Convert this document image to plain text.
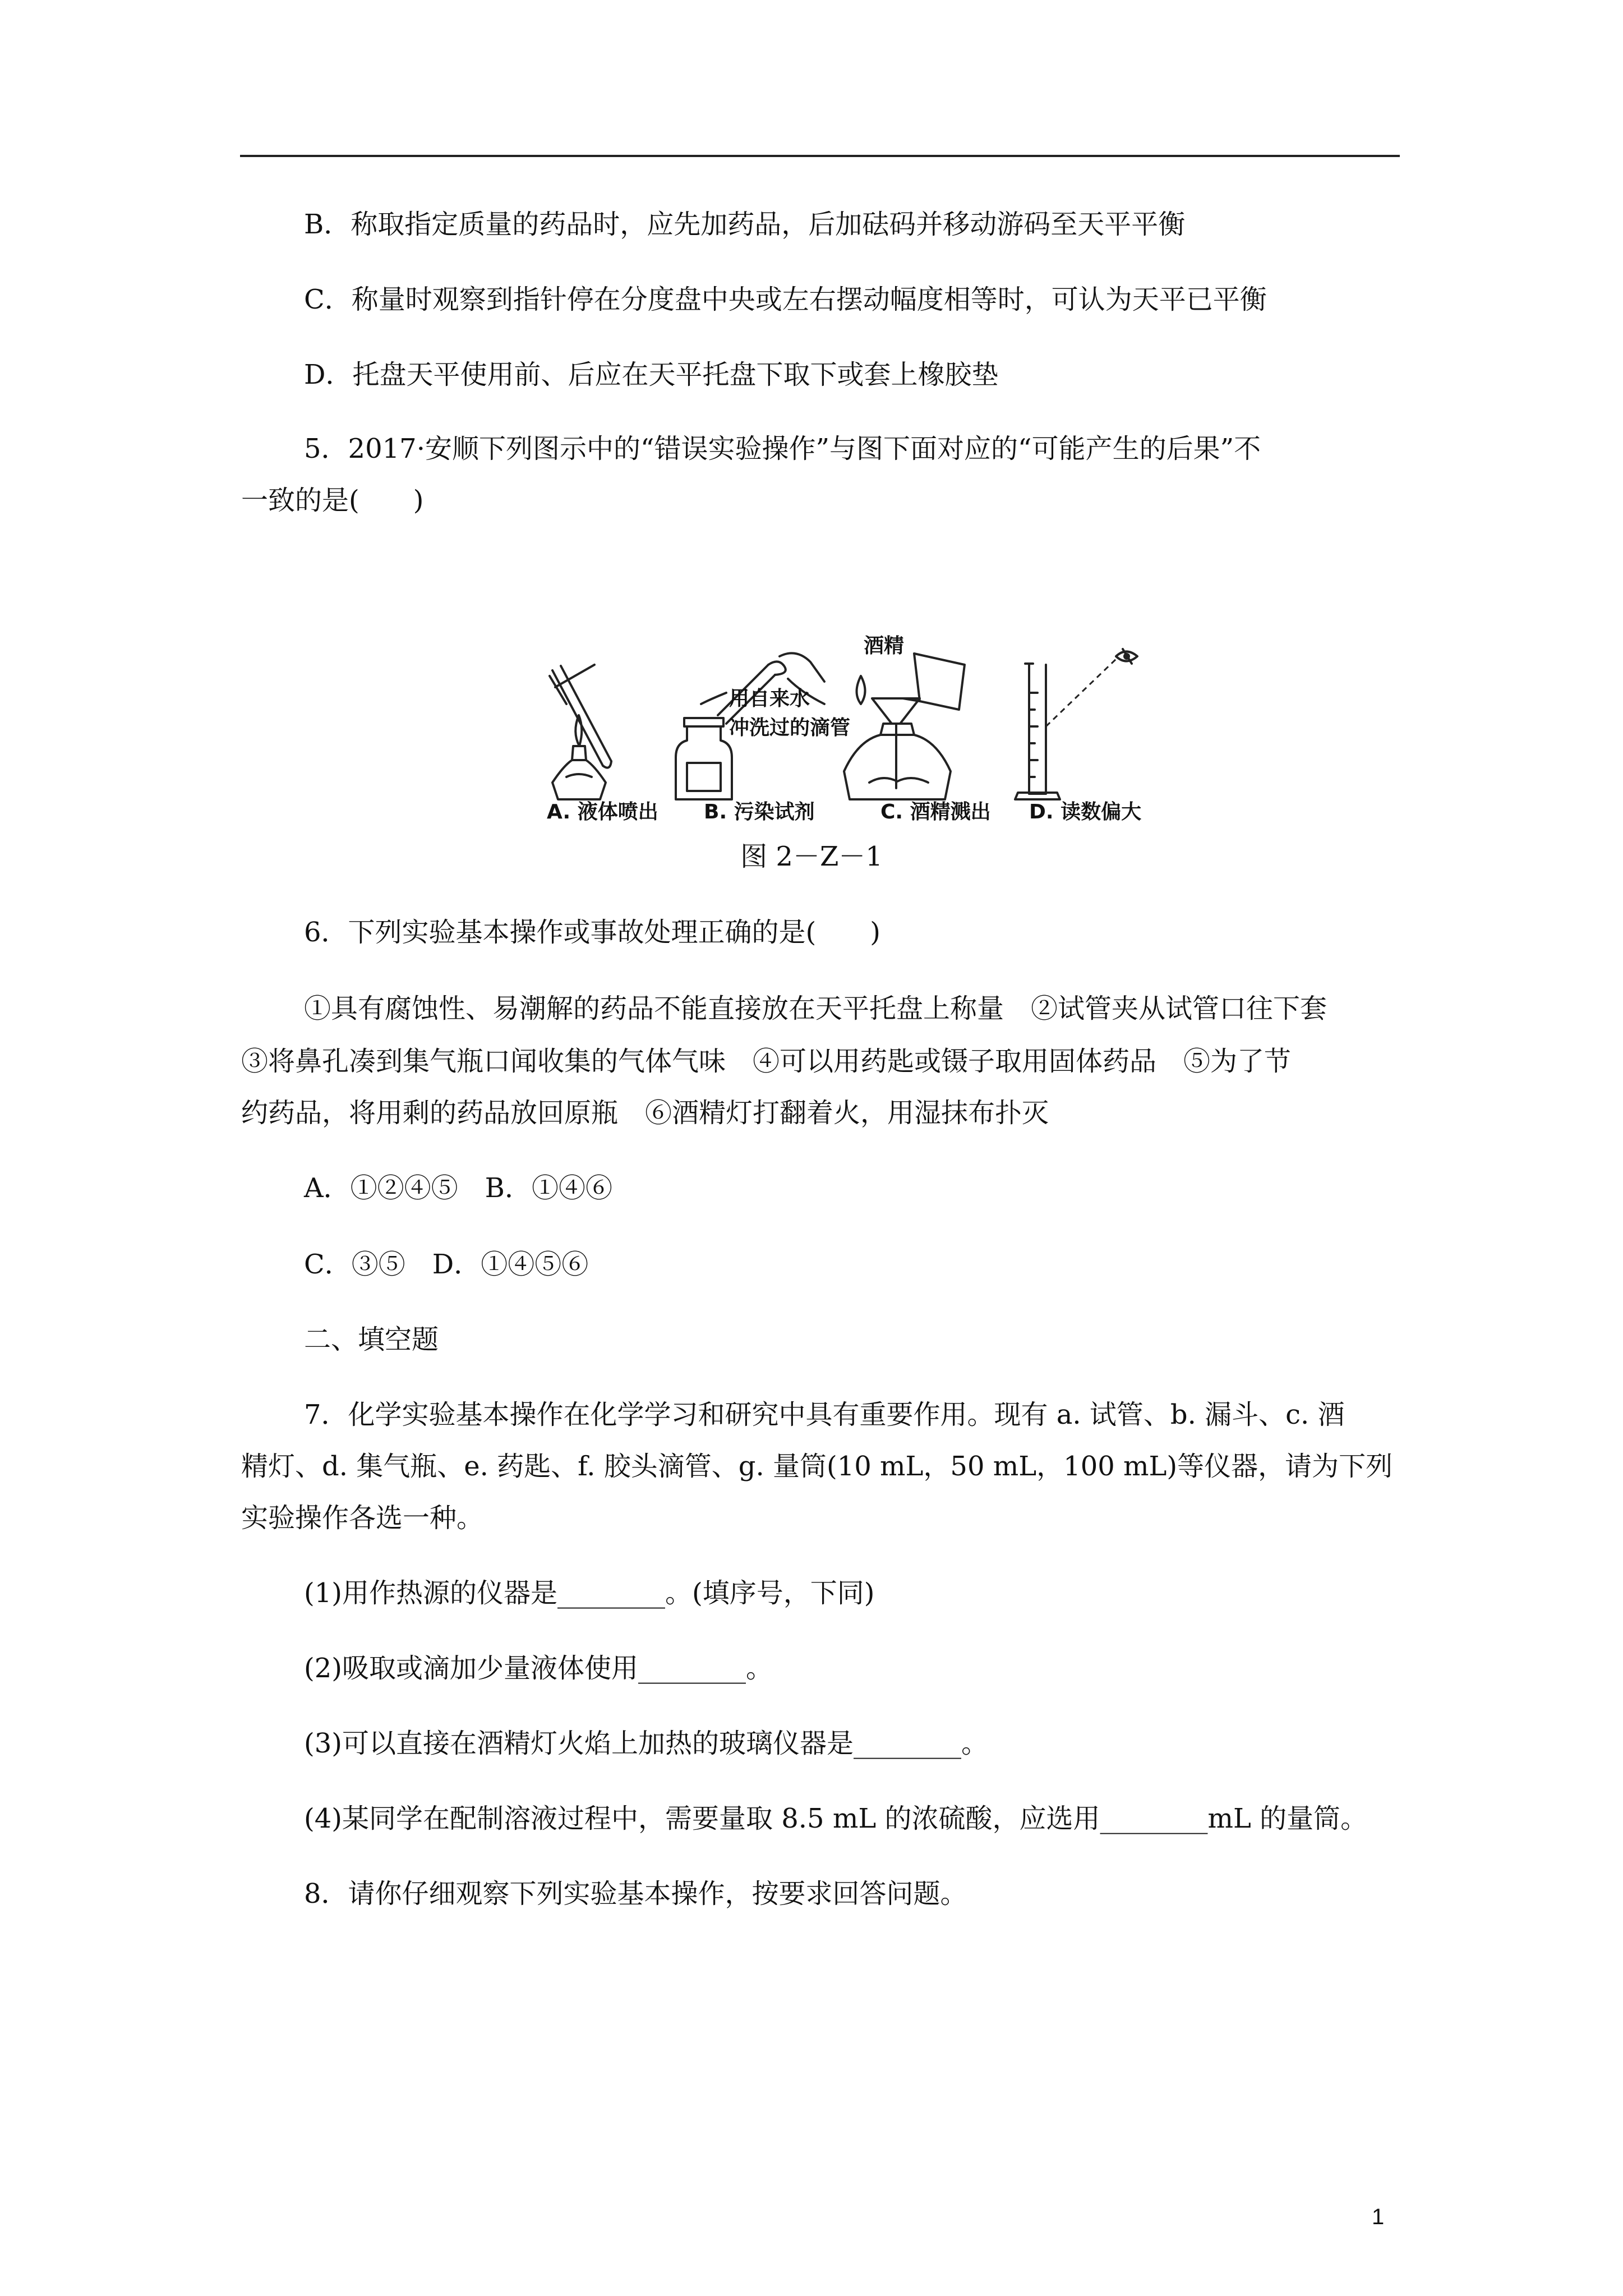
B．称取指定质量的药品时，应先加药品，后加砝码并移动游码至天平平衡
C．称量时观察到指针停在分度盘中央或左右摆动幅度相等时，可认为天平已平衡
D．托盘天平使用前、后应在天平托盘下取下或套上橡胶垫
5．2017·安顺下列图示中的“错误实验操作”与图下面对应的“可能产生的后果”不
一致的是(　　)
用自来水
冲洗过的滴管
酒精
A. 液体喷出 B. 污染试剂	C. 酒精溅出 D. 读数偏大
图 2－Z－1
6．下列实验基本操作或事故处理正确的是(　　)
①具有腐蚀性、易潮解的药品不能直接放在天平托盘上称量　②试管夹从试管口往下套
③将鼻孔凑到集气瓶口闻收集的气体气味　④可以用药匙或镊子取用固体药品　⑤为了节
约药品，将用剩的药品放回原瓶　⑥酒精灯打翻着火，用湿抹布扑灭
A．①②④⑤　B．①④⑥
C．③⑤　D．①④⑤⑥
二、填空题
7．化学实验基本操作在化学学习和研究中具有重要作用。现有 a. 试管、b. 漏斗、c. 酒
精灯、d. 集气瓶、e. 药匙、f. 胶头滴管、g. 量筒(10 mL，50 mL，100 mL)等仪器，请为下列
实验操作各选一种。
(1)用作热源的仪器是________。(填序号，下同)
(2)吸取或滴加少量液体使用________。
(3)可以直接在酒精灯火焰上加热的玻璃仪器是________。
(4)某同学在配制溶液过程中，需要量取 8.5 mL 的浓硫酸，应选用________mL 的量筒。
8．请你仔细观察下列实验基本操作，按要求回答问题。
1
